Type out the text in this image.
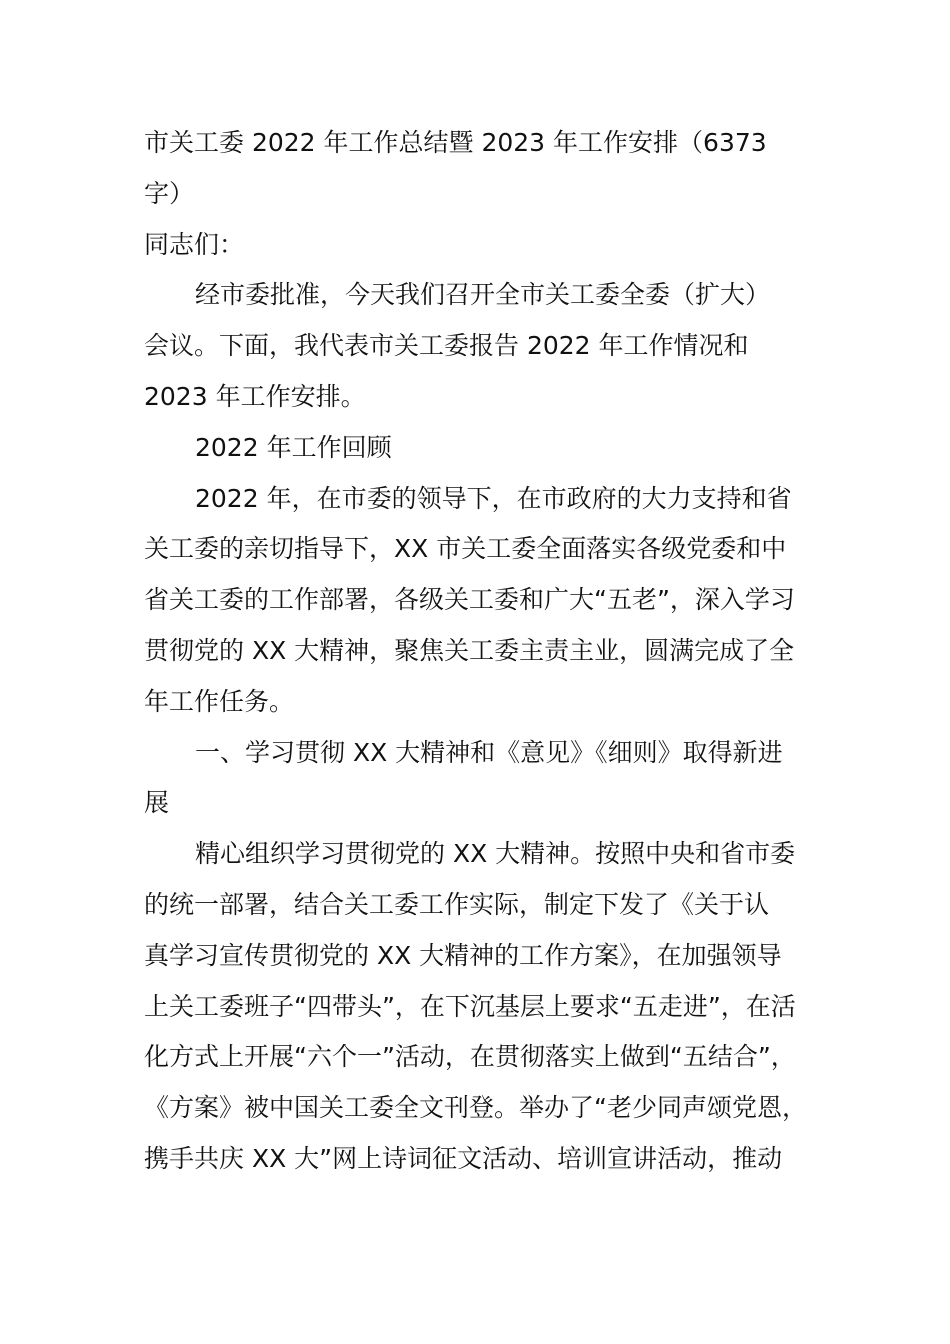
市关工委 2022 年工作总结暨 2023 年工作安排（6373

字）

同志们：

经市委批准，今天我们召开全市关工委全委（扩大）

会议。下面，我代表市关工委报告 2022 年工作情况和

2023 年工作安排。

2022 年工作回顾

2022 年，在市委的领导下，在市政府的大力支持和省

关工委的亲切指导下，XX 市关工委全面落实各级党委和中

省关工委的工作部署，各级关工委和广大“五老”，深入学习

贯彻党的 XX 大精神，聚焦关工委主责主业，圆满完成了全

年工作任务。

一、学习贯彻 XX 大精神和《意见》《细则》取得新进

展

精心组织学习贯彻党的 XX 大精神。按照中央和省市委

的统一部署，结合关工委工作实际，制定下发了《关于认

真学习宣传贯彻党的 XX 大精神的工作方案》，在加强领导

上关工委班子“四带头”，在下沉基层上要求“五走进”，在活

化方式上开展“六个一”活动，在贯彻落实上做到“五结合”，

《方案》被中国关工委全文刊登。举办了“老少同声颂党恩，

携手共庆 XX 大”网上诗词征文活动、培训宣讲活动，推动
